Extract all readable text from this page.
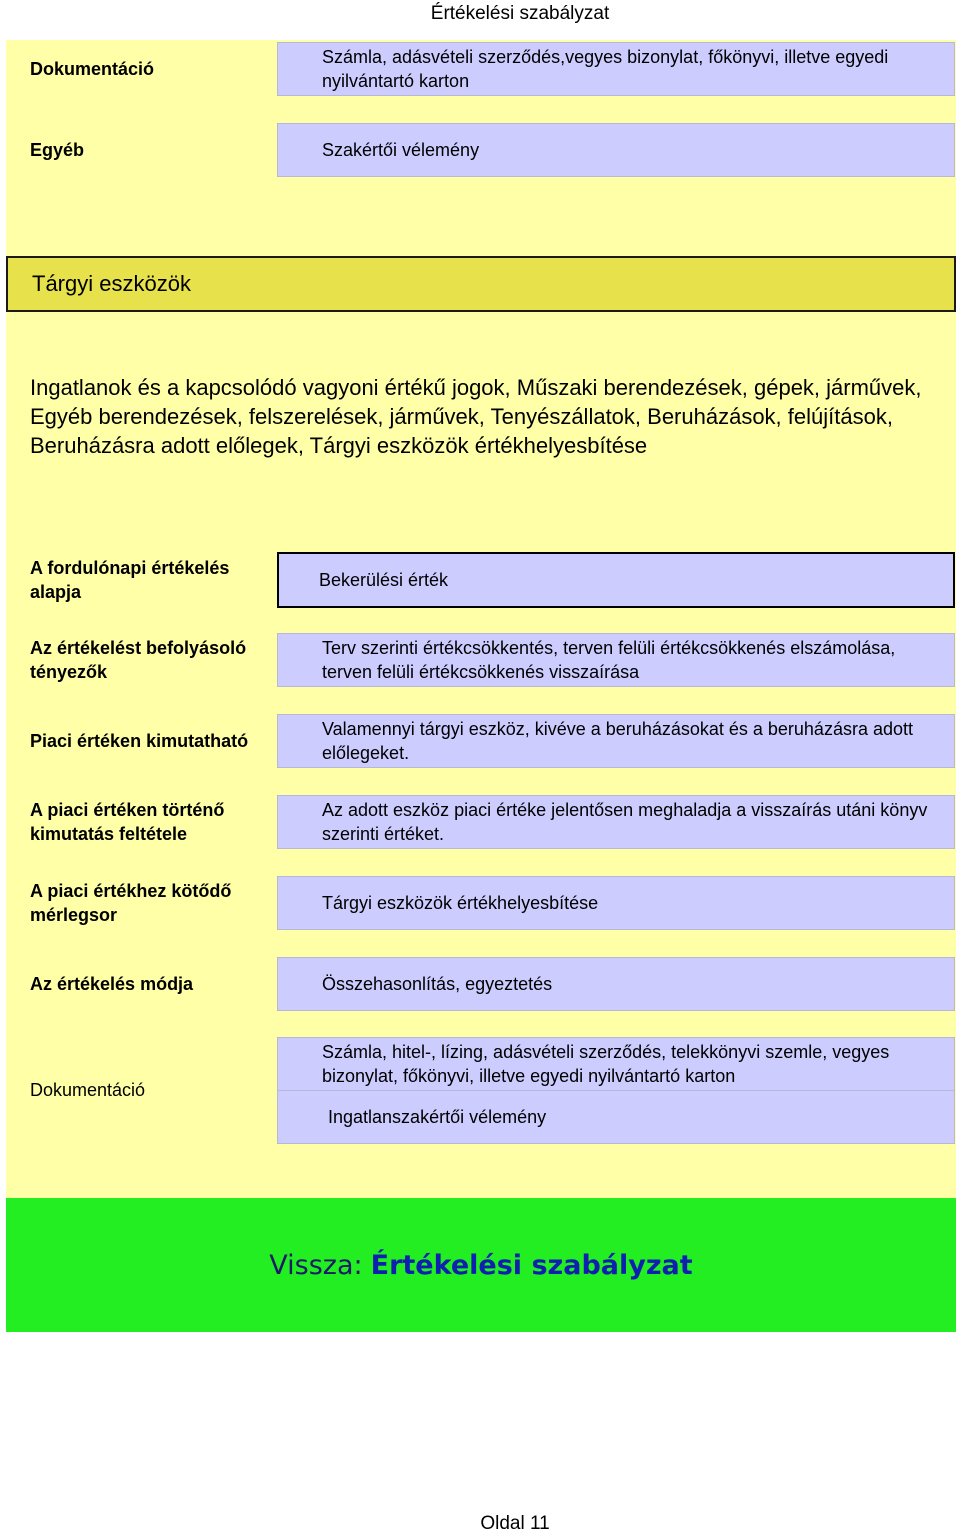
Értékelési szabályzat
Dokumentáció
Számla, adásvételi szerződés,vegyes bizonylat, főkönyvi, illetve egyedi nyilvántartó karton
Egyéb	Szakértői vélemény
Tárgyi eszközök
Ingatlanok és a kapcsolódó vagyoni értékű jogok, Műszaki berendezések, gépek, járművek, Egyéb berendezések, felszerelések, járművek, Tenyészállatok, Beruházások, felújítások, Beruházásra adott előlegek, Tárgyi eszközök értékhelyesbítése
A fordulónapi értékelés alapja
Bekerülési érték
Az értékelést befolyásoló tényezők
Terv szerinti értékcsökkentés, terven felüli értékcsökkenés elszámolása, terven felüli értékcsökkenés visszaírása
Piaci értéken kimutatható
Valamennyi tárgyi eszköz, kivéve a beruházásokat és a beruházásra adott előlegeket.
A piaci értéken történő kimutatás feltétele
Az adott eszköz piaci értéke jelentősen meghaladja a visszaírás utáni könyv szerinti értéket.
A piaci értékhez kötődő mérlegsor
Tárgyi eszközök értékhelyesbítése
Az értékelés módja	Összehasonlítás, egyeztetés
Dokumentáció
Számla, hitel-, lízing, adásvételi szerződés, telekkönyvi szemle, vegyes bizonylat, főkönyvi, illetve egyedi nyilvántartó karton
Ingatlanszakértői vélemény
Vissza: Értékelési szabályzat
Oldal 11
